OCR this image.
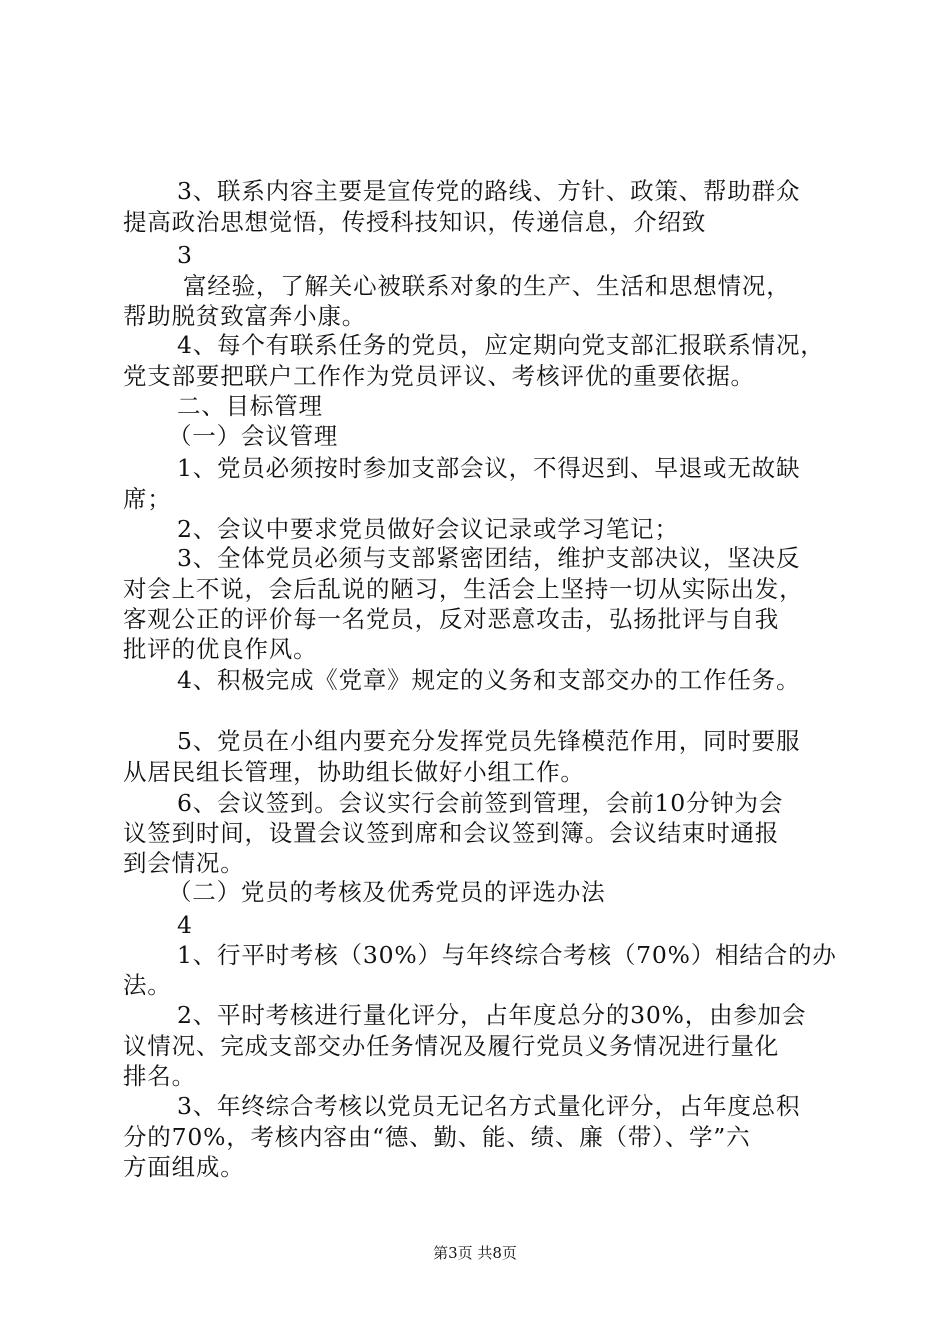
3、联系内容主要是宣传党的路线、方针、政策、帮助群众
提高政治思想觉悟，传授科技知识，传递信息，介绍致
3
富经验，了解关心被联系对象的生产、生活和思想情况，
帮助脱贫致富奔小康。
4、每个有联系任务的党员，应定期向党支部汇报联系情况，
党支部要把联户工作作为党员评议、考核评优的重要依据。
二、目标管理
（一）会议管理
1、党员必须按时参加支部会议，不得迟到、早退或无故缺
席；
2、会议中要求党员做好会议记录或学习笔记；
3、全体党员必须与支部紧密团结，维护支部决议，坚决反
对会上不说，会后乱说的陋习，生活会上坚持一切从实际出发，
客观公正的评价每一名党员，反对恶意攻击，弘扬批评与自我
批评的优良作风。
4、积极完成《党章》规定的义务和支部交办的工作任务。
5、党员在小组内要充分发挥党员先锋模范作用，同时要服
从居民组长管理，协助组长做好小组工作。
6、会议签到。会议实行会前签到管理，会前10分钟为会
议签到时间，设置会议签到席和会议签到簿。会议结束时通报
到会情况。
（二）党员的考核及优秀党员的评选办法
4
1、行平时考核（30%）与年终综合考核（70%）相结合的办
法。
2、平时考核进行量化评分，占年度总分的30%，由参加会
议情况、完成支部交办任务情况及履行党员义务情况进行量化
排名。
3、年终综合考核以党员无记名方式量化评分，占年度总积
分的70%，考核内容由“德、勤、能、绩、廉（带）、学”六
方面组成。
第3页 共8页
